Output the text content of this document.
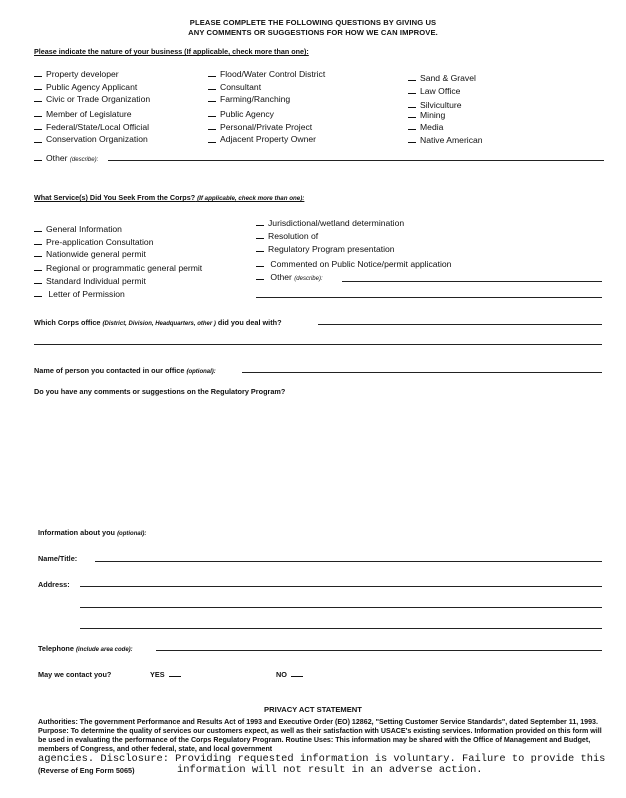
PLEASE COMPLETE THE FOLLOWING QUESTIONS BY GIVING US
ANY COMMENTS OR SUGGESTIONS FOR HOW WE CAN IMPROVE.
Please indicate the nature of your business (If applicable, check more than one):
Property developer
Public Agency Applicant
Civic or Trade Organization
Member of Legislature
Federal/State/Local Official
Conservation Organization
Flood/Water Control District
Consultant
Farming/Ranching
Public Agency
Personal/Private Project
Adjacent Property Owner
Sand & Gravel
Law Office
Silviculture
Mining
Media
Native American
Other (describe):
What Service(s) Did You Seek From the Corps? (If applicable, check more than one):
General Information
Pre-application Consultation
Nationwide general permit
Regional or programmatic general permit
Standard Individual permit
Letter of Permission
Jurisdictional/wetland determination
Resolution of
Regulatory Program presentation
Commented on Public Notice/permit application
Other (describe):
Which Corps office (District, Division, Headquarters, other ) did you deal with?
Name of person you contacted in our office (optional):
Do you have any comments or suggestions on the Regulatory Program?
Information about you (optional):
Name/Title:
Address:
Telephone (include area code):
May we contact you?	YES	NO
PRIVACY ACT STATEMENT
Authorities: The government Performance and Results Act of 1993 and Executive Order (EO) 12862, "Setting Customer Service Standards", dated September 11, 1993. Purpose: To determine the quality of services our customers expect, as well as their satisfaction with USACE's existing services. Information provided on this form will be used in evaluating the performance of the Corps Regulatory Program. Routine Uses: This information may be shared with the Office of Management and Budget, members of Congress, and other federal, state, and local government
agencies. Disclosure: Providing requested information is voluntary. Failure to provide this
(Reverse of Eng Form 5065)	information will not result in an adverse action.
